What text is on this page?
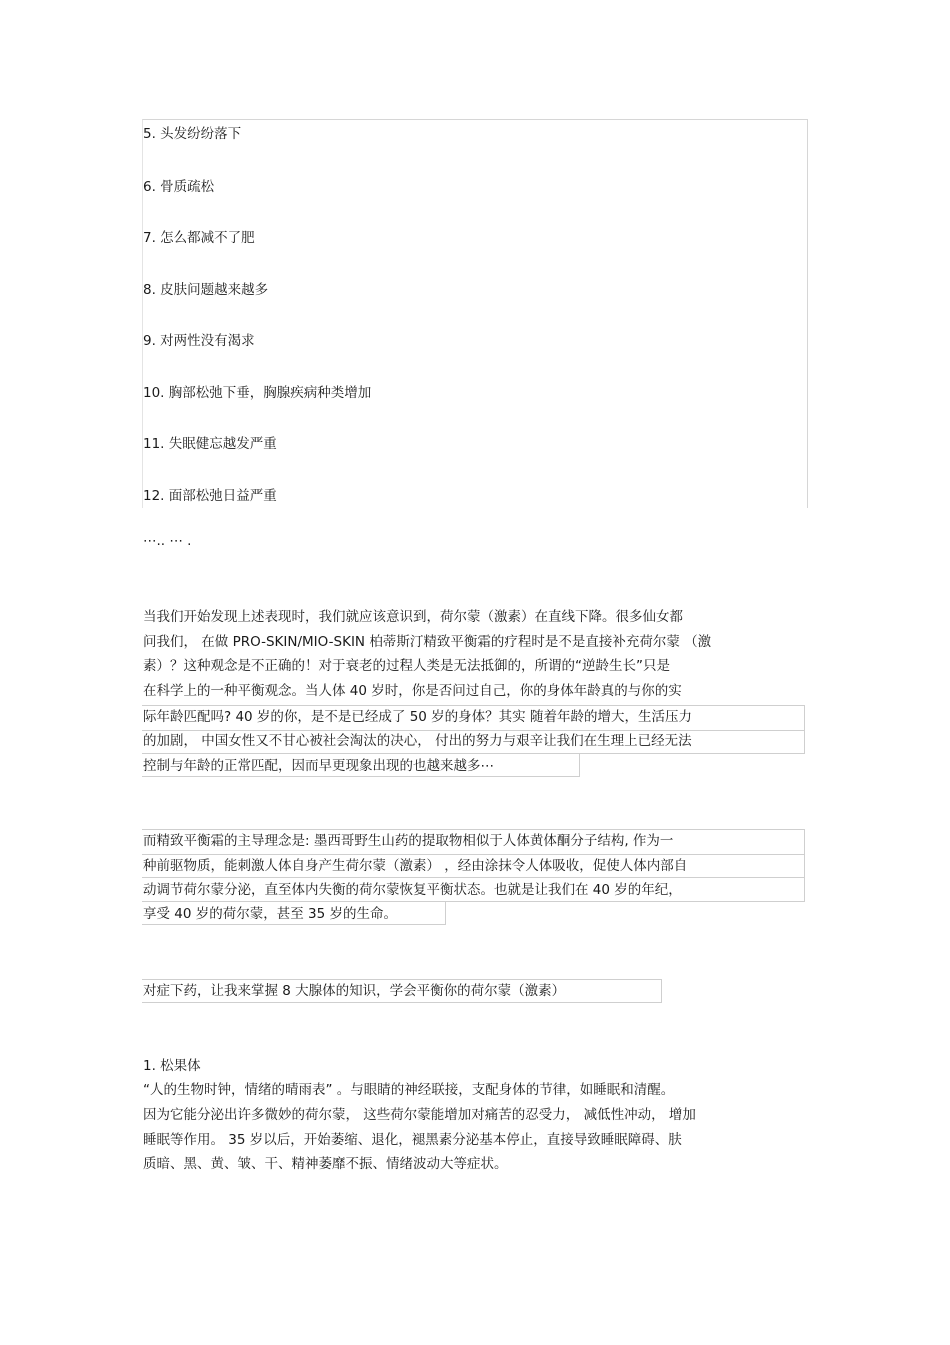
5. 头发纷纷落下
6. 骨质疏松
7. 怎么都减不了肥
8. 皮肤问题越来越多
9. 对两性没有渴求
10. 胸部松弛下垂，胸腺疾病种类增加
11. 失眠健忘越发严重
12. 面部松弛日益严重
⋯.. ⋯ .
当我们开始发现上述表现时，我们就应该意识到，荷尔蒙（激素）在直线下降。很多仙女都
问我们， 在做 PRO-SKIN/MIO-SKIN 柏蒂斯汀精致平衡霜的疗程时是不是直接补充荷尔蒙 （激
素）？这种观念是不正确的！对于衰老的过程人类是无法抵御的，所谓的“逆龄生长”只是
在科学上的一种平衡观念。当人体 40 岁时，你是否问过自己，你的身体年龄真的与你的实
际年龄匹配吗? 40 岁的你，是不是已经成了 50 岁的身体？其实 随着年龄的增大，生活压力
的加剧， 中国女性又不甘心被社会淘汰的决心， 付出的努力与艰辛让我们在生理上已经无法
控制与年龄的正常匹配，因而早更现象出现的也越来越多⋯
而精致平衡霜的主导理念是: 墨西哥野生山药的提取物相似于人体黄体酮分子结构, 作为一
种前驱物质，能刺激人体自身产生荷尔蒙（激素） ，经由涂抹令人体吸收，促使人体内部自
动调节荷尔蒙分泌，直至体内失衡的荷尔蒙恢复平衡状态。也就是让我们在 40 岁的年纪，
享受 40 岁的荷尔蒙，甚至 35 岁的生命。
对症下药，让我来掌握 8 大腺体的知识，学会平衡你的荷尔蒙（激素）
1. 松果体
“人的生物时钟，情绪的晴雨表” 。与眼睛的神经联接，支配身体的节律，如睡眠和清醒。
因为它能分泌出许多微妙的荷尔蒙， 这些荷尔蒙能增加对痛苦的忍受力， 减低性冲动， 增加
睡眠等作用。 35 岁以后，开始萎缩、退化，褪黑素分泌基本停止，直接导致睡眠障碍、肤
质暗、黑、黄、皱、干、精神萎靡不振、情绪波动大等症状。
